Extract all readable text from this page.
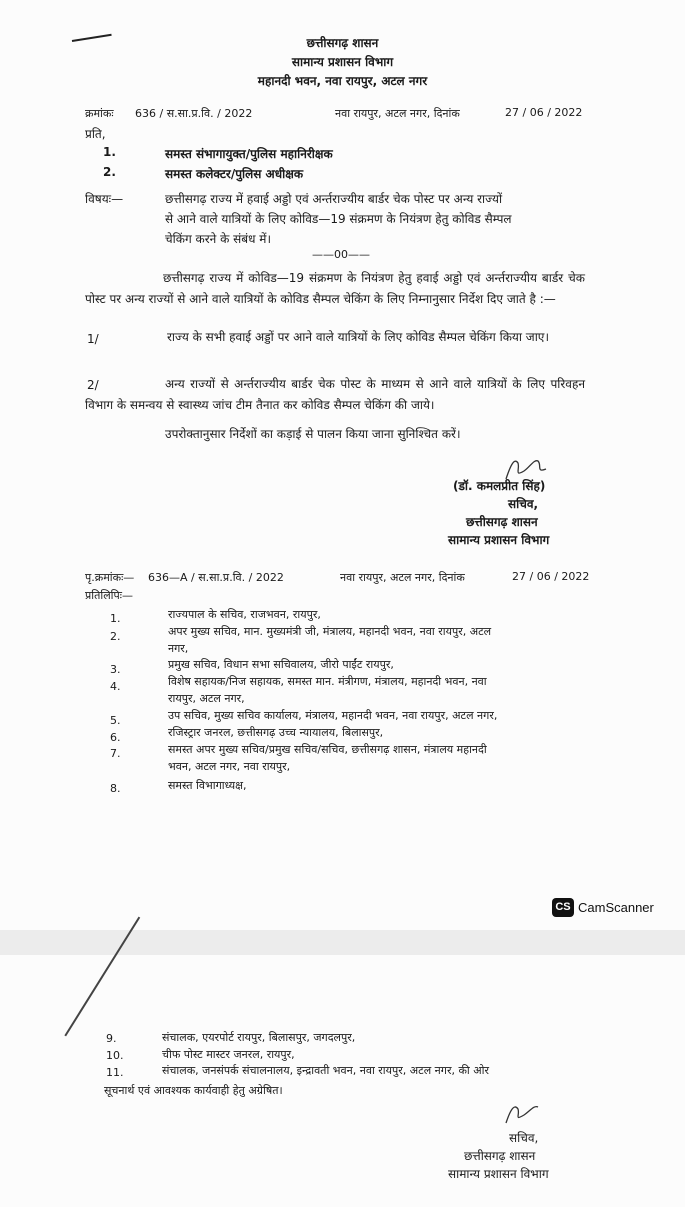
छत्तीसगढ़ शासन
सामान्य प्रशासन विभाग
महानदी भवन, नवा रायपुर, अटल नगर
क्रमांकः 636 / स.सा.प्र.वि. / 2022	नवा रायपुर, अटल नगर, दिनांक	27 / 06 / 2022
प्रति,
1.	समस्त संभागायुक्त/पुलिस महानिरीक्षक
2.	समस्त कलेक्टर/पुलिस अधीक्षक
विषयः—	छत्तीसगढ़ राज्य में हवाई अड्डो एवं अर्न्तराज्यीय बार्डर चेक पोस्ट पर अन्य राज्यों
से आने वाले यात्रियों के लिए कोविड—19 संक्रमण के नियंत्रण हेतु कोविड सैम्पल
चेकिंग करने के संबंध में।
——00——
छत्तीसगढ़ राज्य में कोविड—19 संक्रमण के नियंत्रण हेतु हवाई अड्डो एवं अर्न्तराज्यीय बार्डर चेक पोस्ट पर अन्य राज्यों से आने वाले यात्रियों के कोविड सैम्पल चेकिंग के लिए निम्नानुसार निर्देश दिए जाते है :—
1/	राज्य के सभी हवाई अड्डों पर आने वाले यात्रियों के लिए कोविड सैम्पल चेकिंग किया जाए।
2/	अन्य राज्यों से अर्न्तराज्यीय बार्डर चेक पोस्ट के माध्यम से आने वाले यात्रियों के लिए परिवहन विभाग के समन्वय से स्वास्थ्य जांच टीम तैनात कर कोविड सैम्पल चेकिंग की जाये।
उपरोक्तानुसार निर्देशों का कड़ाई से पालन किया जाना सुनिश्चित करें।
(डॉ. कमलप्रीत सिंह)
सचिव,
छत्तीसगढ़ शासन
सामान्य प्रशासन विभाग
पृ.क्रमांकः— 636—A / स.सा.प्र.वि. / 2022	नवा रायपुर, अटल नगर, दिनांक	27 / 06 / 2022
प्रतिलिपिः—
1.	राज्यपाल के सचिव, राजभवन, रायपुर,
2.	अपर मुख्य सचिव, मान. मुख्यमंत्री जी, मंत्रालय, महानदी भवन, नवा रायपुर, अटल
नगर,
3.	प्रमुख सचिव, विधान सभा सचिवालय, जीरो पाईंट रायपुर,
4.	विशेष सहायक/निज सहायक, समस्त मान. मंत्रीगण, मंत्रालय, महानदी भवन, नवा
रायपुर, अटल नगर,
5.	उप सचिव, मुख्य सचिव कार्यालय, मंत्रालय, महानदी भवन, नवा रायपुर, अटल नगर,
6.	रजिस्ट्रार जनरल, छत्तीसगढ़ उच्च न्यायालय, बिलासपुर,
7.	समस्त अपर मुख्य सचिव/प्रमुख सचिव/सचिव, छत्तीसगढ़ शासन, मंत्रालय महानदी
भवन, अटल नगर, नवा रायपुर,
8.	समस्त विभागाध्यक्ष,
CS CamScanner
9.	संचालक, एयरपोर्ट रायपुर, बिलासपुर, जगदलपुर,
10.	चीफ पोस्ट मास्टर जनरल, रायपुर,
11.	संचालक, जनसंपर्क संचालनालय, इन्द्रावती भवन, नवा रायपुर, अटल नगर, की ओर
सूचनार्थ एवं आवश्यक कार्यवाही हेतु अग्रेषित।
सचिव,
छत्तीसगढ़ शासन
सामान्य प्रशासन विभाग
